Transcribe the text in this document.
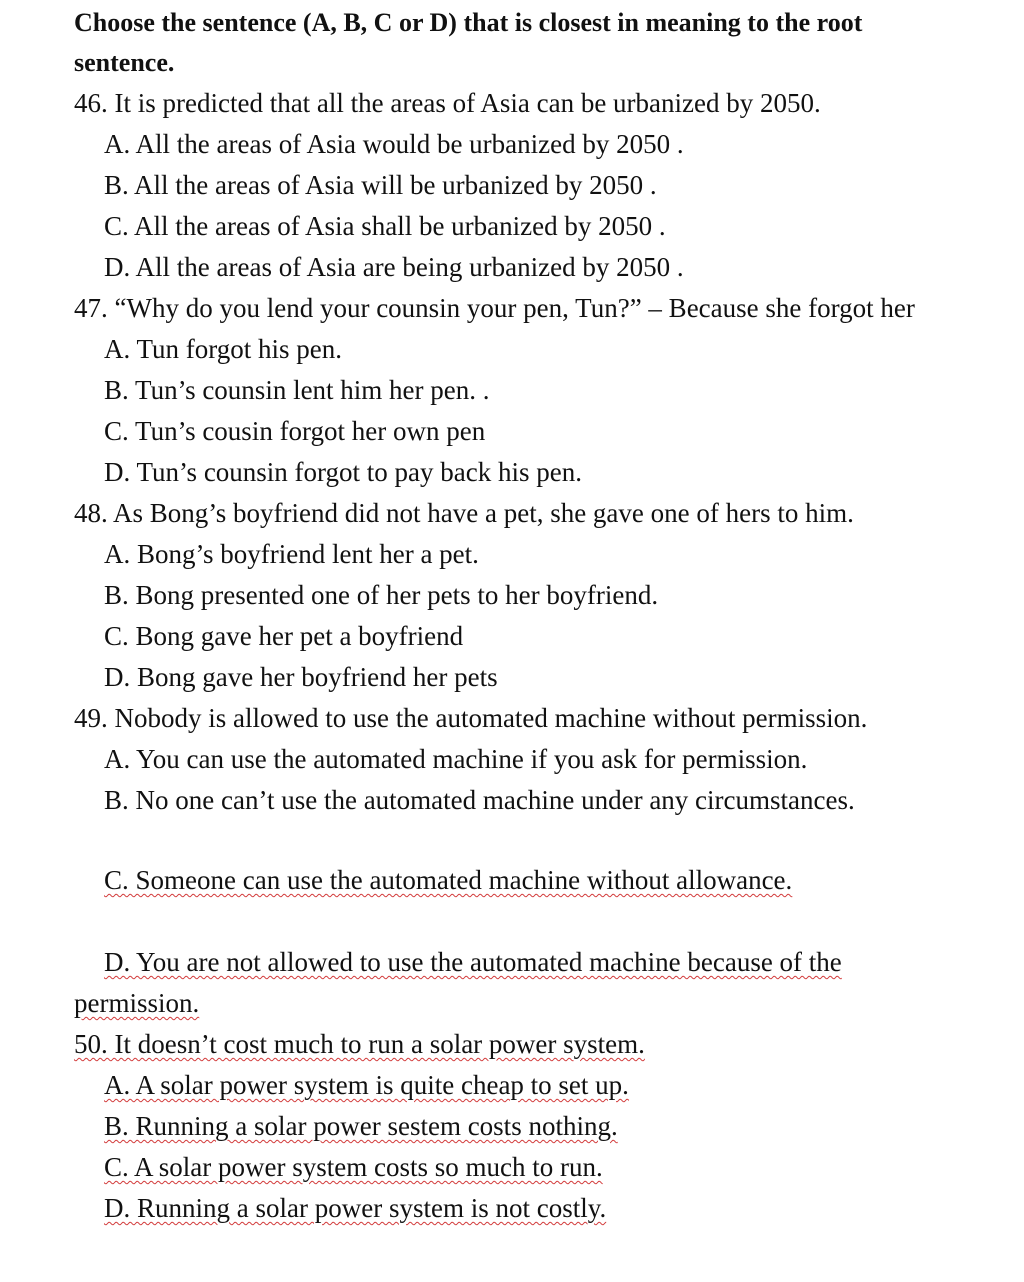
Choose the sentence (A, B, C or D) that is closest in meaning to the root
sentence.
46. It is predicted that all the areas of Asia can be urbanized by 2050.
A. All the areas of Asia would be urbanized by 2050 .
B. All the areas of Asia will be urbanized by 2050 .
C. All the areas of Asia shall be urbanized by 2050 .
D. All the areas of Asia are being urbanized by 2050 .
47. “Why do you lend your counsin your pen, Tun?” – Because she forgot her
A. Tun forgot his pen.
B. Tun’s counsin lent him her pen. .
C. Tun’s cousin forgot her own pen
D. Tun’s counsin forgot to pay back his pen.
48. As Bong’s boyfriend did not have a pet, she gave one of hers to him.
A. Bong’s boyfriend lent her a pet.
B. Bong presented one of her pets to her boyfriend.
C. Bong gave her pet a boyfriend
D. Bong gave her boyfriend her pets
49. Nobody is allowed to use the automated machine without permission.
A. You can use the automated machine if you ask for permission.
B. No one can’t use the automated machine under any circumstances.
C. Someone can use the automated machine without allowance.
D. You are not allowed to use the automated machine because of the
permission.
50. It doesn’t cost much to run a solar power system.
A. A solar power system is quite cheap to set up.
B. Running a solar power sestem costs nothing.
C. A solar power system costs so much to run.
D. Running a solar power system is not costly.
